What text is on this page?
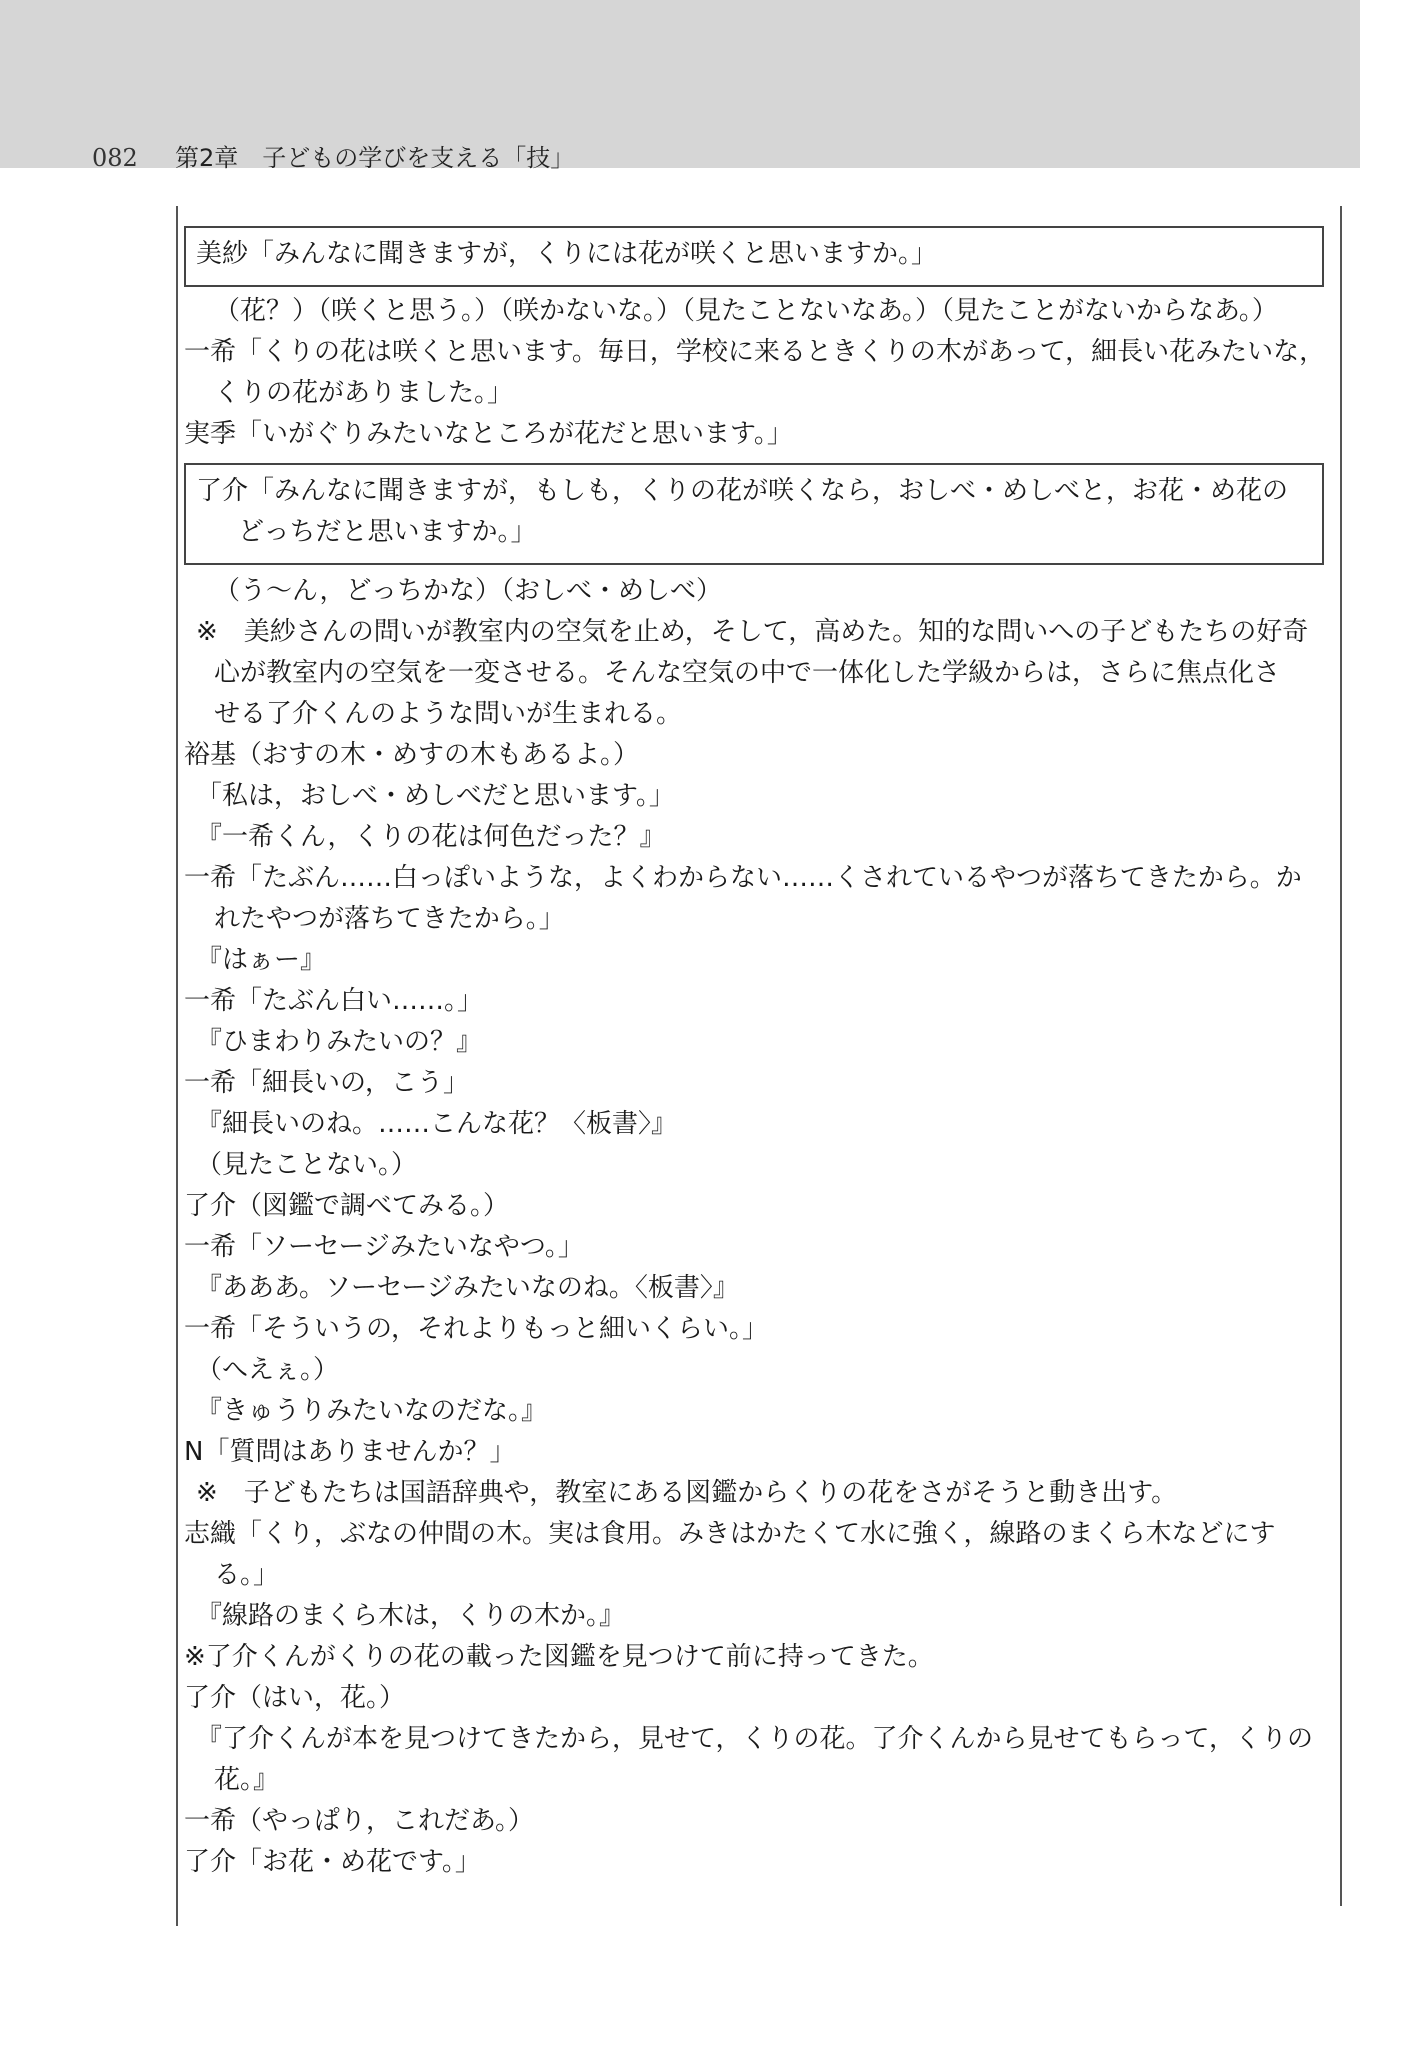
082 第2章　子どもの学びを支える「技」

美紗「みんなに聞きますが，くりには花が咲くと思いますか。」

（花？）（咲くと思う。）（咲かないな。）（見たことないなあ。）（見たことがないからなあ。）

一希「くりの花は咲くと思います。毎日，学校に来るときくりの木があって，細長い花みたいな，

くりの花がありました。」

実季「いがぐりみたいなところが花だと思います。」

了介「みんなに聞きますが，もしも，くりの花が咲くなら，おしべ・めしべと，お花・め花の

どっちだと思いますか。」

（う～ん，どっちかな）（おしべ・めしべ）

※　美紗さんの問いが教室内の空気を止め，そして，高めた。知的な問いへの子どもたちの好奇

心が教室内の空気を一変させる。そんな空気の中で一体化した学級からは，さらに焦点化さ

せる了介くんのような問いが生まれる。

裕基（おすの木・めすの木もあるよ。）

「私は，おしべ・めしべだと思います。」

『一希くん，くりの花は何色だった？』

一希「たぶん……白っぽいような，よくわからない……くされているやつが落ちてきたから。か

れたやつが落ちてきたから。」

『はぁー』

一希「たぶん白い……。」

『ひまわりみたいの？』

一希「細長いの，こう」

『細長いのね。……こんな花？〈板書〉』

（見たことない。）

了介（図鑑で調べてみる。）

一希「ソーセージみたいなやつ。」

『あああ。ソーセージみたいなのね。〈板書〉』

一希「そういうの，それよりもっと細いくらい。」

（へえぇ。）

『きゅうりみたいなのだな。』

N「質問はありませんか？」

※　子どもたちは国語辞典や，教室にある図鑑からくりの花をさがそうと動き出す。

志織「くり，ぶなの仲間の木。実は食用。みきはかたくて水に強く，線路のまくら木などにす

る。」

『線路のまくら木は，くりの木か。』

※了介くんがくりの花の載った図鑑を見つけて前に持ってきた。

了介（はい，花。）

『了介くんが本を見つけてきたから，見せて，くりの花。了介くんから見せてもらって，くりの

花。』

一希（やっぱり，これだあ。）

了介「お花・め花です。」
